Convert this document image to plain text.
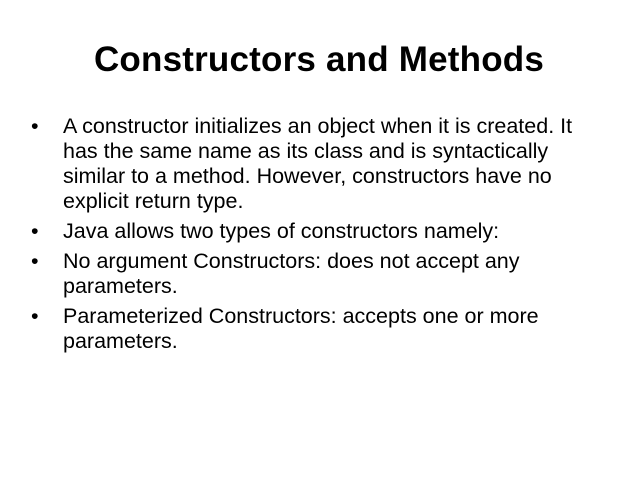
Constructors and Methods
•	A constructor initializes an object when it is created. It has the same name as its class and is syntactically similar to a method. However, constructors have no explicit return type.
•	Java allows two types of constructors namely:
•	No argument Constructors: does not accept any parameters.
•	Parameterized Constructors: accepts one or more parameters.
